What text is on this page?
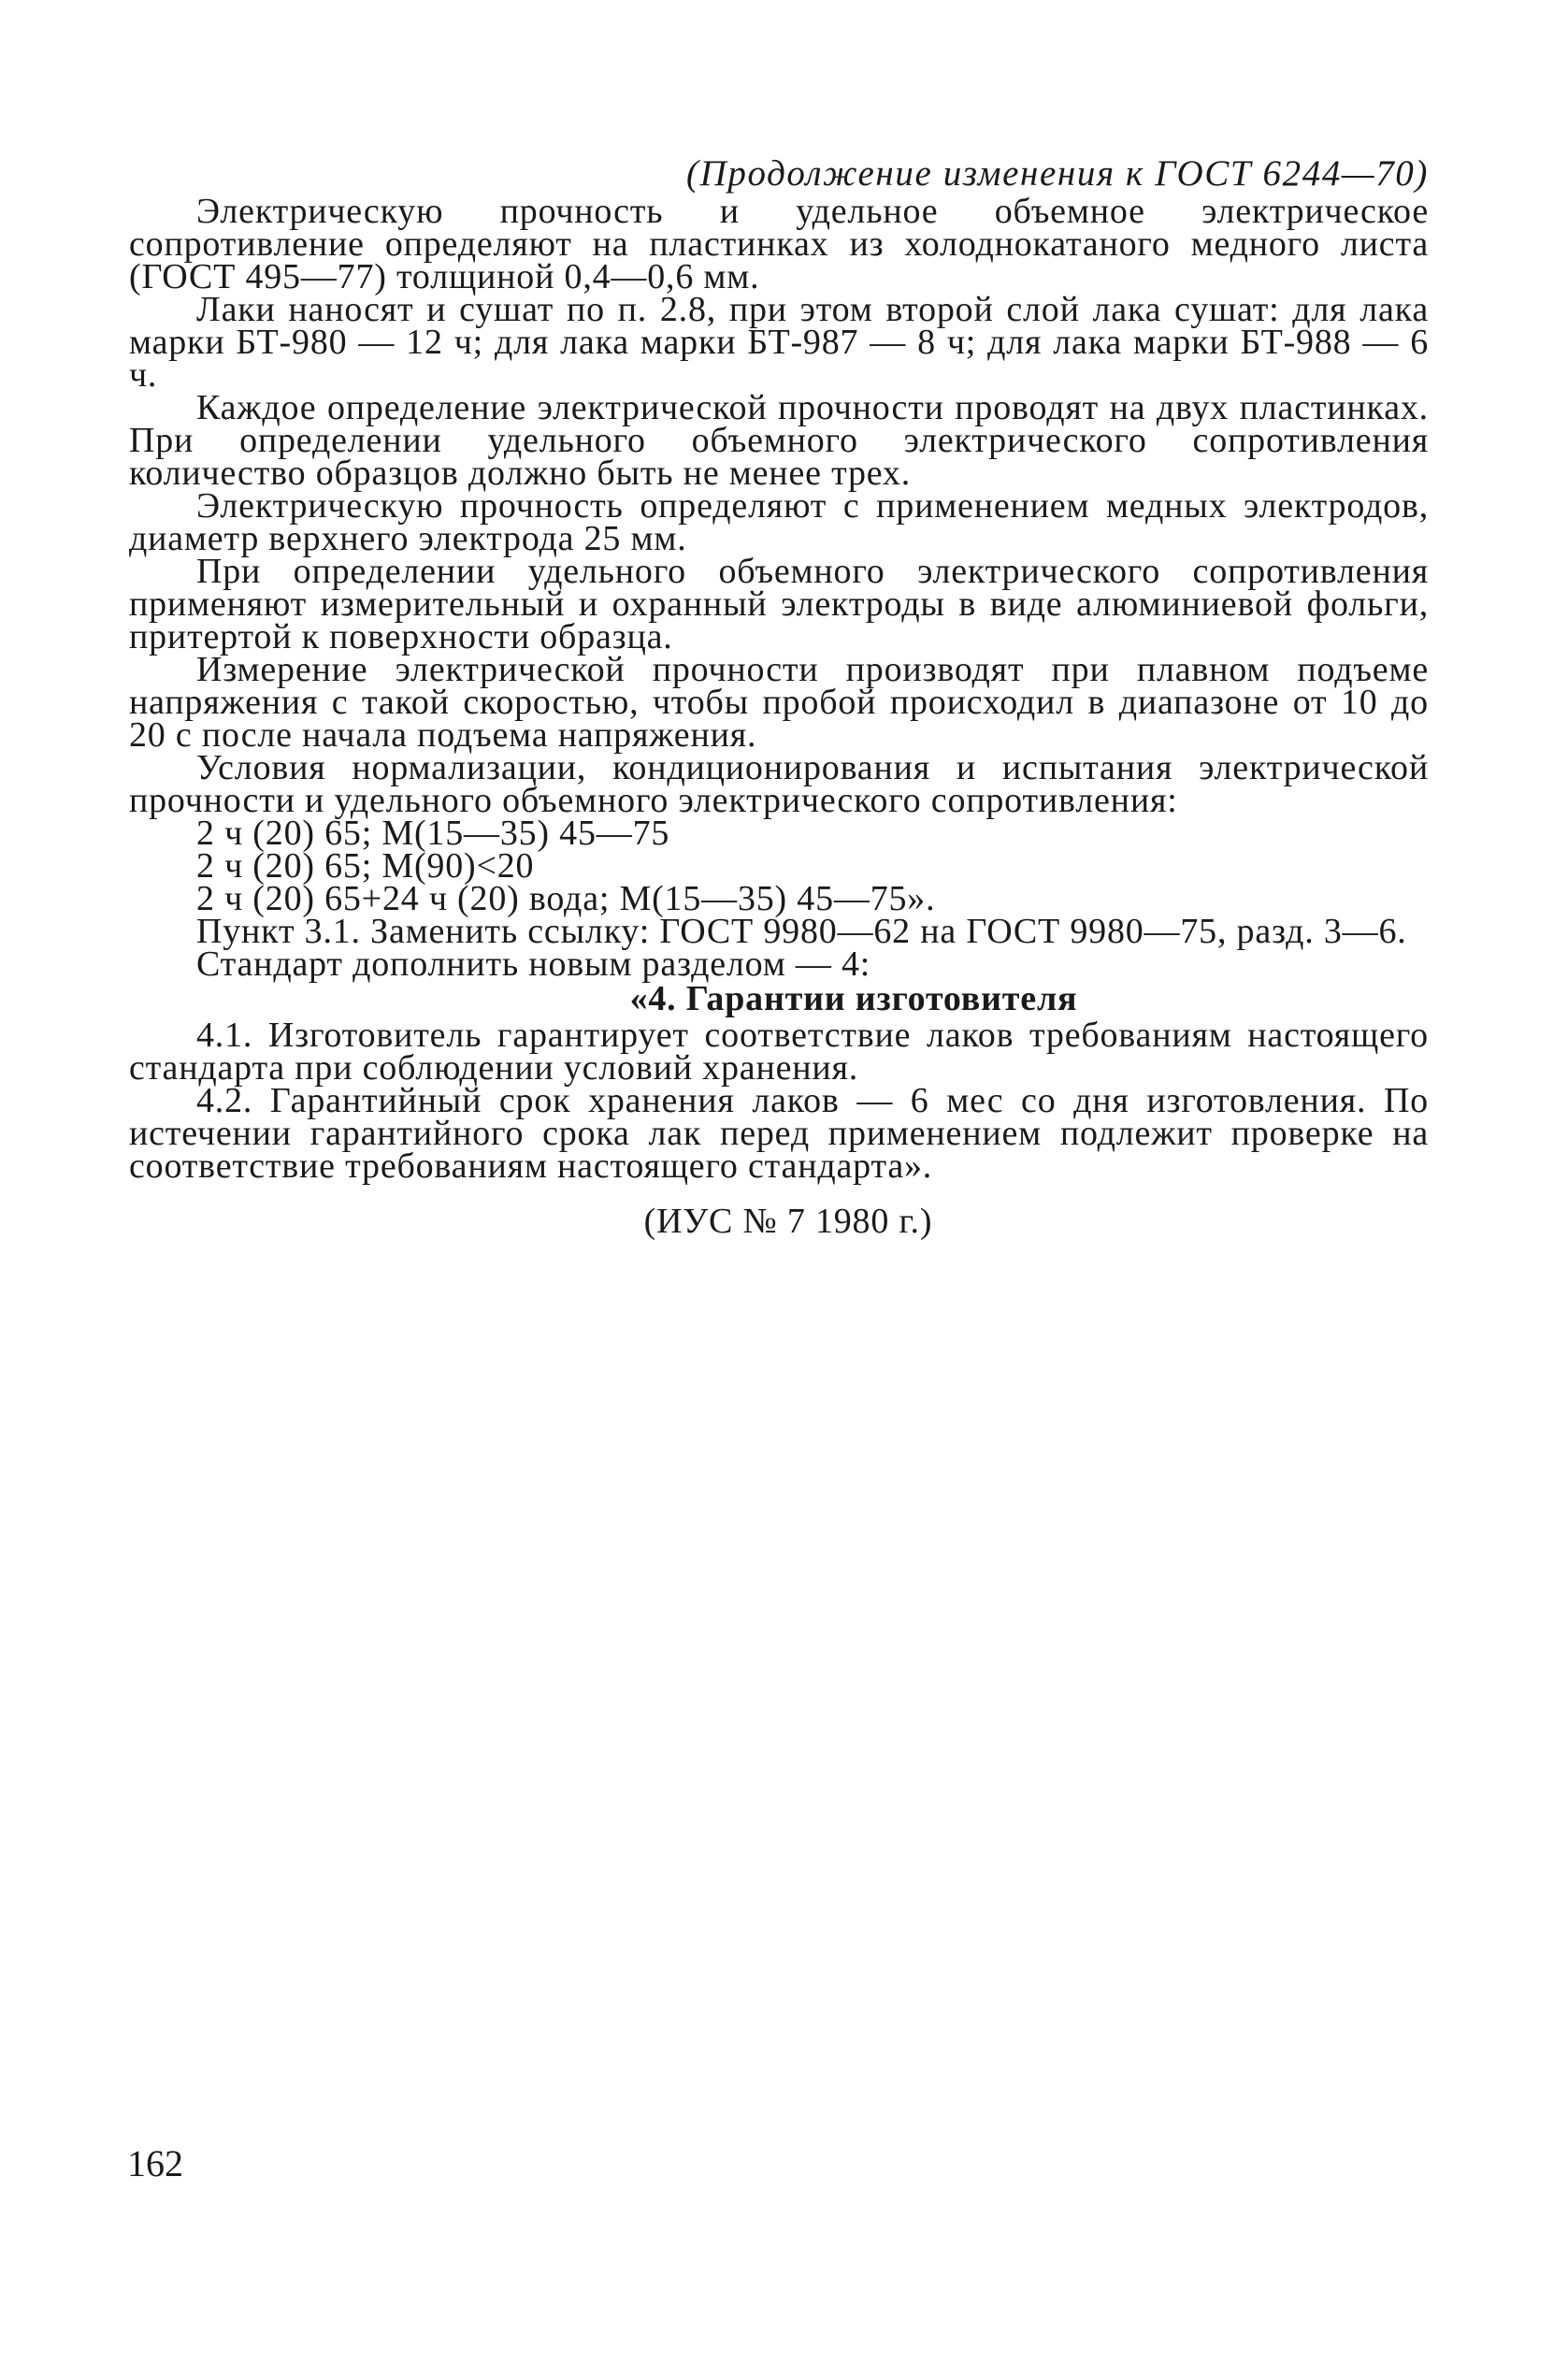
(Продолжение изменения к ГОСТ 6244—70)

Электрическую прочность и удельное объемное электрическое сопротивление определяют на пластинках из холоднокатаного медного листа (ГОСТ 495—77) толщиной 0,4—0,6 мм.

Лаки наносят и сушат по п. 2.8, при этом второй слой лака сушат: для лака марки БТ-980 — 12 ч; для лака марки БТ-987 — 8 ч; для лака марки БТ-988 — 6 ч.

Каждое определение электрической прочности проводят на двух пластинках. При определении удельного объемного электрического сопротивления количество образцов должно быть не менее трех.

Электрическую прочность определяют с применением медных электродов, диаметр верхнего электрода 25 мм.

При определении удельного объемного электрического сопротивления применяют измерительный и охранный электроды в виде алюминиевой фольги, притертой к поверхности образца.

Измерение электрической прочности производят при плавном подъеме напряжения с такой скоростью, чтобы пробой происходил в диапазоне от 10 до 20 с после начала подъема напряжения.

Условия нормализации, кондиционирования и испытания электрической прочности и удельного объемного электрического сопротивления:

2 ч (20) 65; М(15—35) 45—75

2 ч (20) 65; М(90)<20

2 ч (20) 65+24 ч (20) вода; М(15—35) 45—75».

Пункт 3.1. Заменить ссылку: ГОСТ 9980—62 на ГОСТ 9980—75, разд. 3—6.

Стандарт дополнить новым разделом — 4:

«4. Гарантии изготовителя

4.1. Изготовитель гарантирует соответствие лаков требованиям настоящего стандарта при соблюдении условий хранения.

4.2. Гарантийный срок хранения лаков — 6 мес со дня изготовления. По истечении гарантийного срока лак перед применением подлежит проверке на соответствие требованиям настоящего стандарта».

(ИУС № 7 1980 г.)
162
